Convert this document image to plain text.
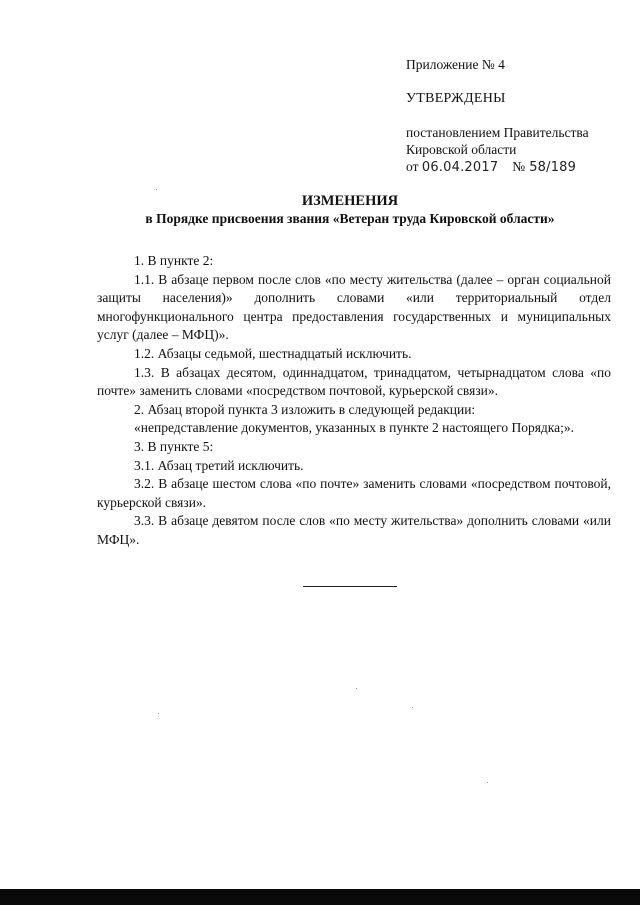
Приложение № 4

УТВЕРЖДЕНЫ

постановлением Правительства

Кировской области

от 06.04.2017 № 58/189

ИЗМЕНЕНИЯ
в Порядке присвоения звания «Ветеран труда Кировской области»

1. В пункте 2:

1.1. В абзаце первом после слов «по месту жительства (далее – орган социальной защиты населения)» дополнить словами «или территориальный отдел многофункционального центра предоставления государственных и муниципальных услуг (далее – МФЦ)».

1.2. Абзацы седьмой, шестнадцатый исключить.

1.3. В абзацах десятом, одиннадцатом, тринадцатом, четырнадцатом слова «по почте» заменить словами «посредством почтовой, курьерской связи».

2. Абзац второй пункта 3 изложить в следующей редакции:

«непредставление документов, указанных в пункте 2 настоящего Порядка;».

3. В пункте 5:

3.1. Абзац третий исключить.

3.2. В абзаце шестом слова «по почте» заменить словами «посредством почтовой, курьерской связи».

3.3. В абзаце девятом после слов «по месту жительства» дополнить словами «или МФЦ».
